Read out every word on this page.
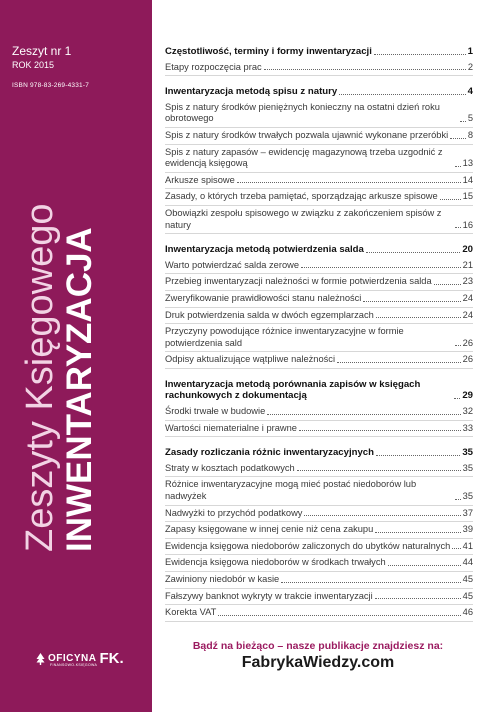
Zeszyt nr 1
ROK 2015
ISBN 978-83-269-4331-7
Zeszyty Księgowego INWENTARYZACJA
OFICYNA FK.
FINANSOWO-KSIĘGOWA
Częstotliwość, terminy i formy inwentaryzacji	1
Etapy rozpoczęcia prac	2
Inwentaryzacja metodą spisu z natury	4
Spis z natury środków pieniężnych konieczny na ostatni dzień roku obrotowego	5
Spis z natury środków trwałych pozwala ujawnić wykonane przeróbki 8
Spis z natury zapasów – ewidencję magazynową trzeba uzgodnić z ewidencją księgową	13
Arkusze spisowe	14
Zasady, o których trzeba pamiętać, sporządzając arkusze spisowe	15
Obowiązki zespołu spisowego w związku z zakończeniem spisów z natury	16
Inwentaryzacja metodą potwierdzenia salda	20
Warto potwierdzać salda zerowe	21
Przebieg inwentaryzacji należności w formie potwierdzenia salda	23
Zweryfikowanie prawidłowości stanu należności	24
Druk potwierdzenia salda w dwóch egzemplarzach	24
Przyczyny powodujące różnice inwentaryzacyjne w formie potwierdzenia sald	26
Odpisy aktualizujące wątpliwe należności	26
Inwentaryzacja metodą porównania zapisów w księgach rachunkowych z dokumentacją	29
Środki trwałe w budowie	32
Wartości niematerialne i prawne	33
Zasady rozliczania różnic inwentaryzacyjnych	35
Straty w kosztach podatkowych	35
Różnice inwentaryzacyjne mogą mieć postać niedoborów lub nadwyżek	35
Nadwyżki to przychód podatkowy	37
Zapasy księgowane w innej cenie niż cena zakupu	39
Ewidencja księgowa niedoborów zaliczonych do ubytków naturalnych 41
Ewidencja księgowa niedoborów w środkach trwałych	44
Zawiniony niedobór w kasie	45
Fałszywy banknot wykryty w trakcie inwentaryzacji	45
Korekta VAT	46
Bądź na bieżąco – nasze publikacje znajdziesz na:
FabrykaWiedzy.com
